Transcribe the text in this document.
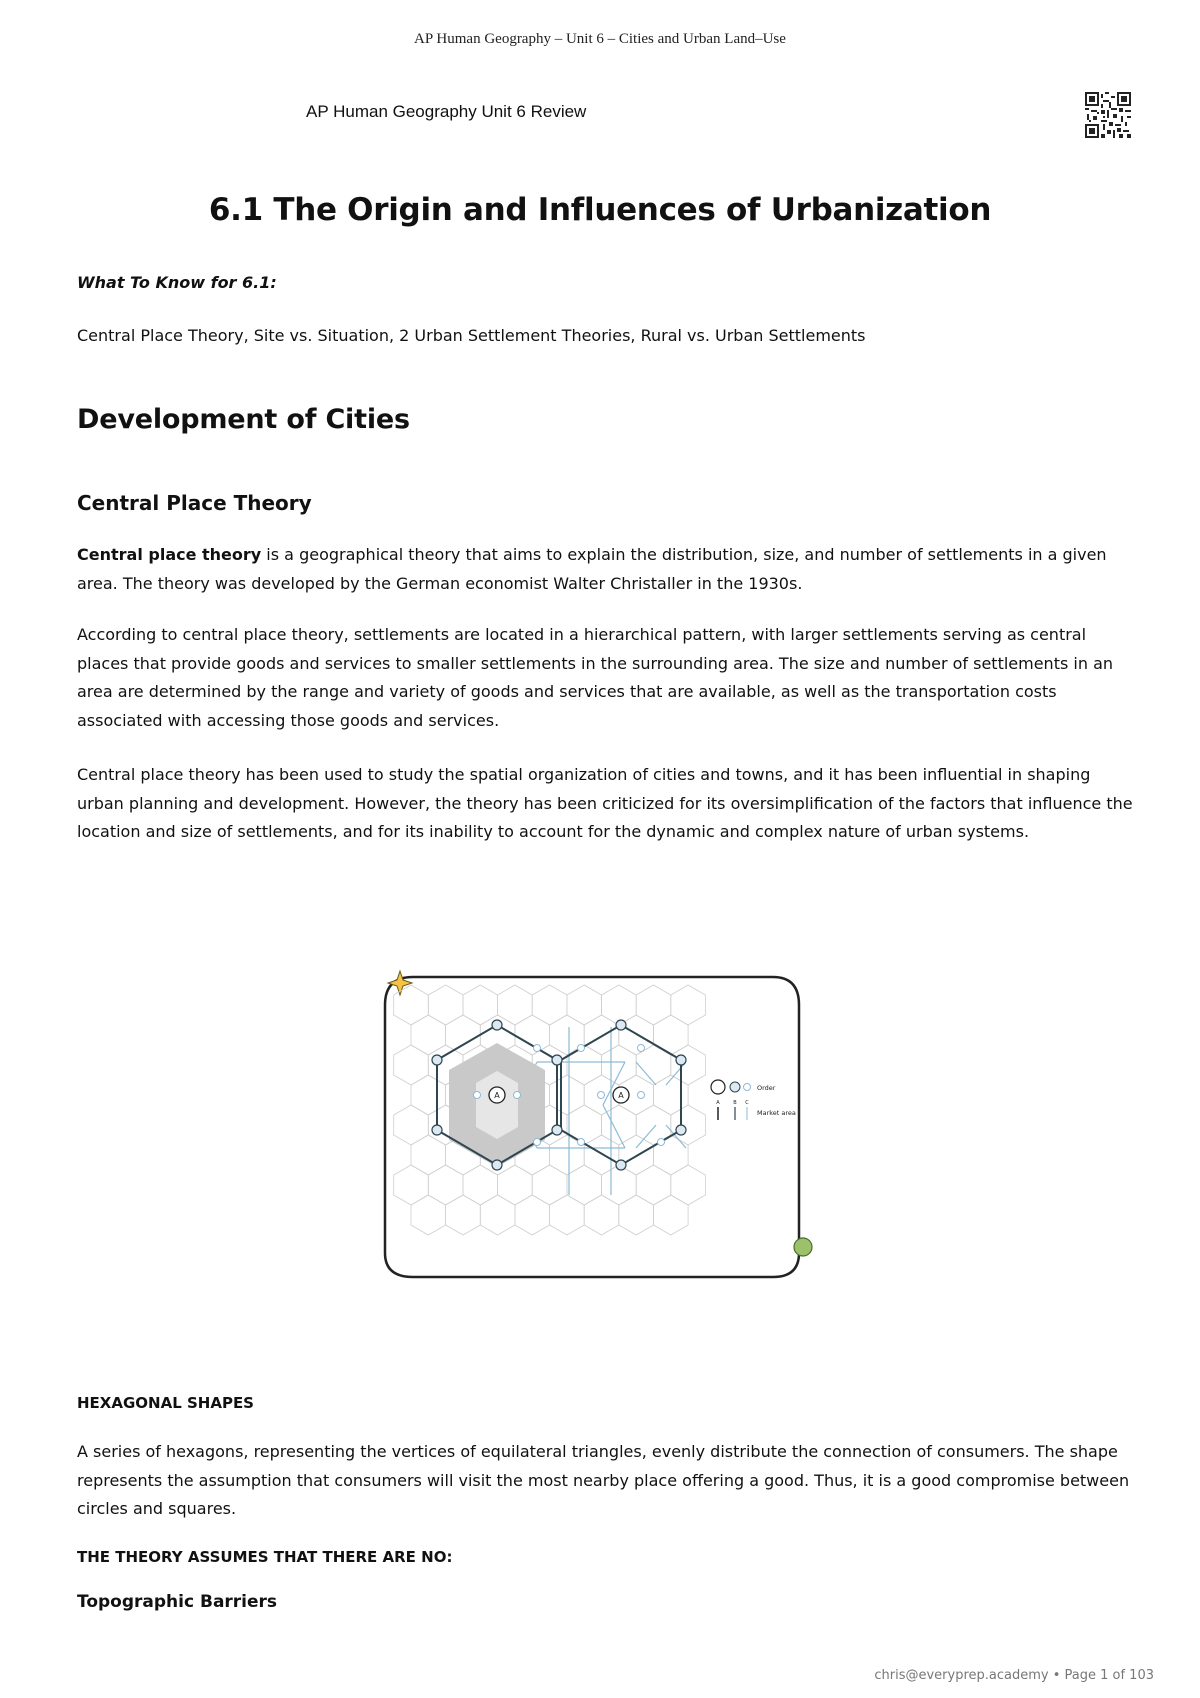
AP Human Geography – Unit 6 – Cities and Urban Land–Use
AP Human Geography Unit 6 Review
6.1 The Origin and Influences of Urbanization
What To Know for 6.1:
Central Place Theory, Site vs. Situation, 2 Urban Settlement Theories, Rural vs. Urban Settlements
Development of Cities
Central Place Theory
Central place theory is a geographical theory that aims to explain the distribution, size, and number of settlements in a given area. The theory was developed by the German economist Walter Christaller in the 1930s.
According to central place theory, settlements are located in a hierarchical pattern, with larger settlements serving as central places that provide goods and services to smaller settlements in the surrounding area. The size and number of settlements in an area are determined by the range and variety of goods and services that are available, as well as the transportation costs associated with accessing those goods and services.
Central place theory has been used to study the spatial organization of cities and towns, and it has been influential in shaping urban planning and development. However, the theory has been criticized for its oversimplification of the factors that influence the location and size of settlements, and for its inability to account for the dynamic and complex nature of urban systems.
A	A
Order
A	B C
Market area
HEXAGONAL SHAPES
A series of hexagons, representing the vertices of equilateral triangles, evenly distribute the connection of consumers. The shape represents the assumption that consumers will visit the most nearby place offering a good. Thus, it is a good compromise between circles and squares.
THE THEORY ASSUMES THAT THERE ARE NO:
Topographic Barriers
chris@everyprep.academy • Page 1 of 103
